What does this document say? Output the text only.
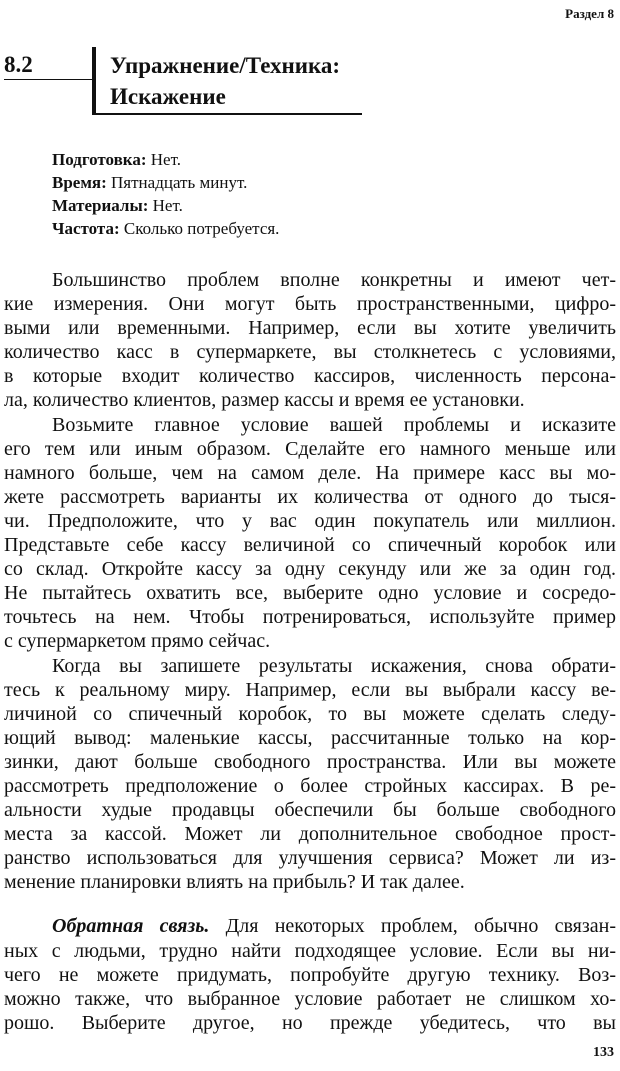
Раздел 8
8.2	Упражнение/Техника:
Искажение
Подготовка: Нет.
Время: Пятнадцать минут.
Материалы: Нет.
Частота: Сколько потребуется.
Большинство проблем вполне конкретны и имеют чет-
кие измерения. Они могут быть пространственными, цифро-
выми или временными. Например, если вы хотите увеличить
количество касс в супермаркете, вы столкнетесь с условиями,
в которые входит количество кассиров, численность персона-
ла, количество клиентов, размер кассы и время ее установки.
Возьмите главное условие вашей проблемы и исказите
его тем или иным образом. Сделайте его намного меньше или
намного больше, чем на самом деле. На примере касс вы мо-
жете рассмотреть варианты их количества от одного до тыся-
чи. Предположите, что у вас один покупатель или миллион.
Представьте себе кассу величиной со спичечный коробок или
со склад. Откройте кассу за одну секунду или же за один год.
Не пытайтесь охватить все, выберите одно условие и сосредо-
точьтесь на нем. Чтобы потренироваться, используйте пример
с супермаркетом прямо сейчас.
Когда вы запишете результаты искажения, снова обрати-
тесь к реальному миру. Например, если вы выбрали кассу ве-
личиной со спичечный коробок, то вы можете сделать следу-
ющий вывод: маленькие кассы, рассчитанные только на кор-
зинки, дают больше свободного пространства. Или вы можете
рассмотреть предположение о более стройных кассирах. В ре-
альности худые продавцы обеспечили бы больше свободного
места за кассой. Может ли дополнительное свободное прост-
ранство использоваться для улучшения сервиса? Может ли из-
менение планировки влиять на прибыль? И так далее.
Обратная связь. Для некоторых проблем, обычно связан-
ных с людьми, трудно найти подходящее условие. Если вы ни-
чего не можете придумать, попробуйте другую технику. Воз-
можно также, что выбранное условие работает не слишком хо-
рошо. Выберите другое, но прежде убедитесь, что вы
133
